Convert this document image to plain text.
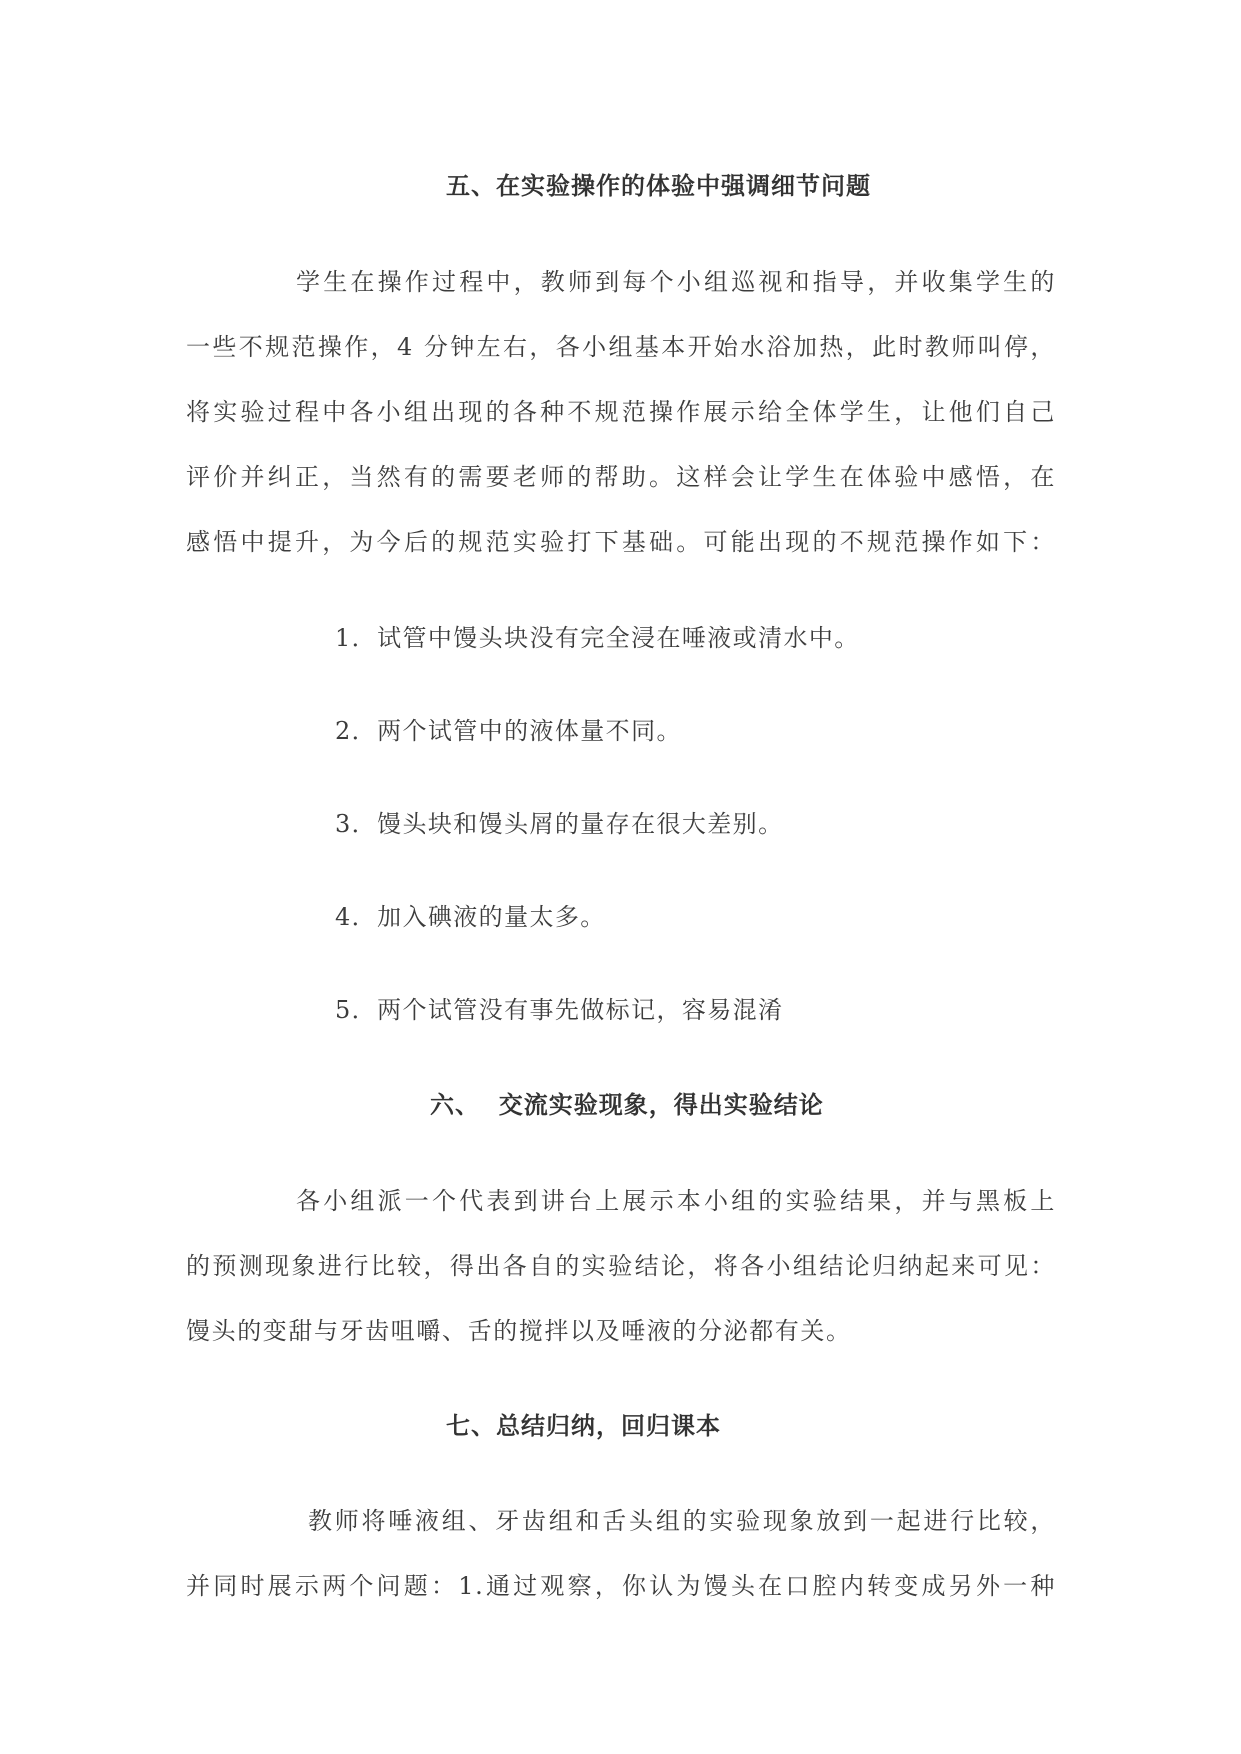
五、在实验操作的体验中强调细节问题
学生在操作过程中，教师到每个小组巡视和指导，并收集学生的
一些不规范操作，4 分钟左右，各小组基本开始水浴加热，此时教师叫停，
将实验过程中各小组出现的各种不规范操作展示给全体学生，让他们自己
评价并纠正，当然有的需要老师的帮助。这样会让学生在体验中感悟，在
感悟中提升，为今后的规范实验打下基础。可能出现的不规范操作如下：
1．试管中馒头块没有完全浸在唾液或清水中。
2．两个试管中的液体量不同。
3．馒头块和馒头屑的量存在很大差别。
4．加入碘液的量太多。
5．两个试管没有事先做标记，容易混淆
六、  交流实验现象，得出实验结论
各小组派一个代表到讲台上展示本小组的实验结果，并与黑板上
的预测现象进行比较，得出各自的实验结论，将各小组结论归纳起来可见：
馒头的变甜与牙齿咀嚼、舌的搅拌以及唾液的分泌都有关。
七、总结归纳，回归课本
教师将唾液组、牙齿组和舌头组的实验现象放到一起进行比较，
并同时展示两个问题：1.通过观察，你认为馒头在口腔内转变成另外一种
